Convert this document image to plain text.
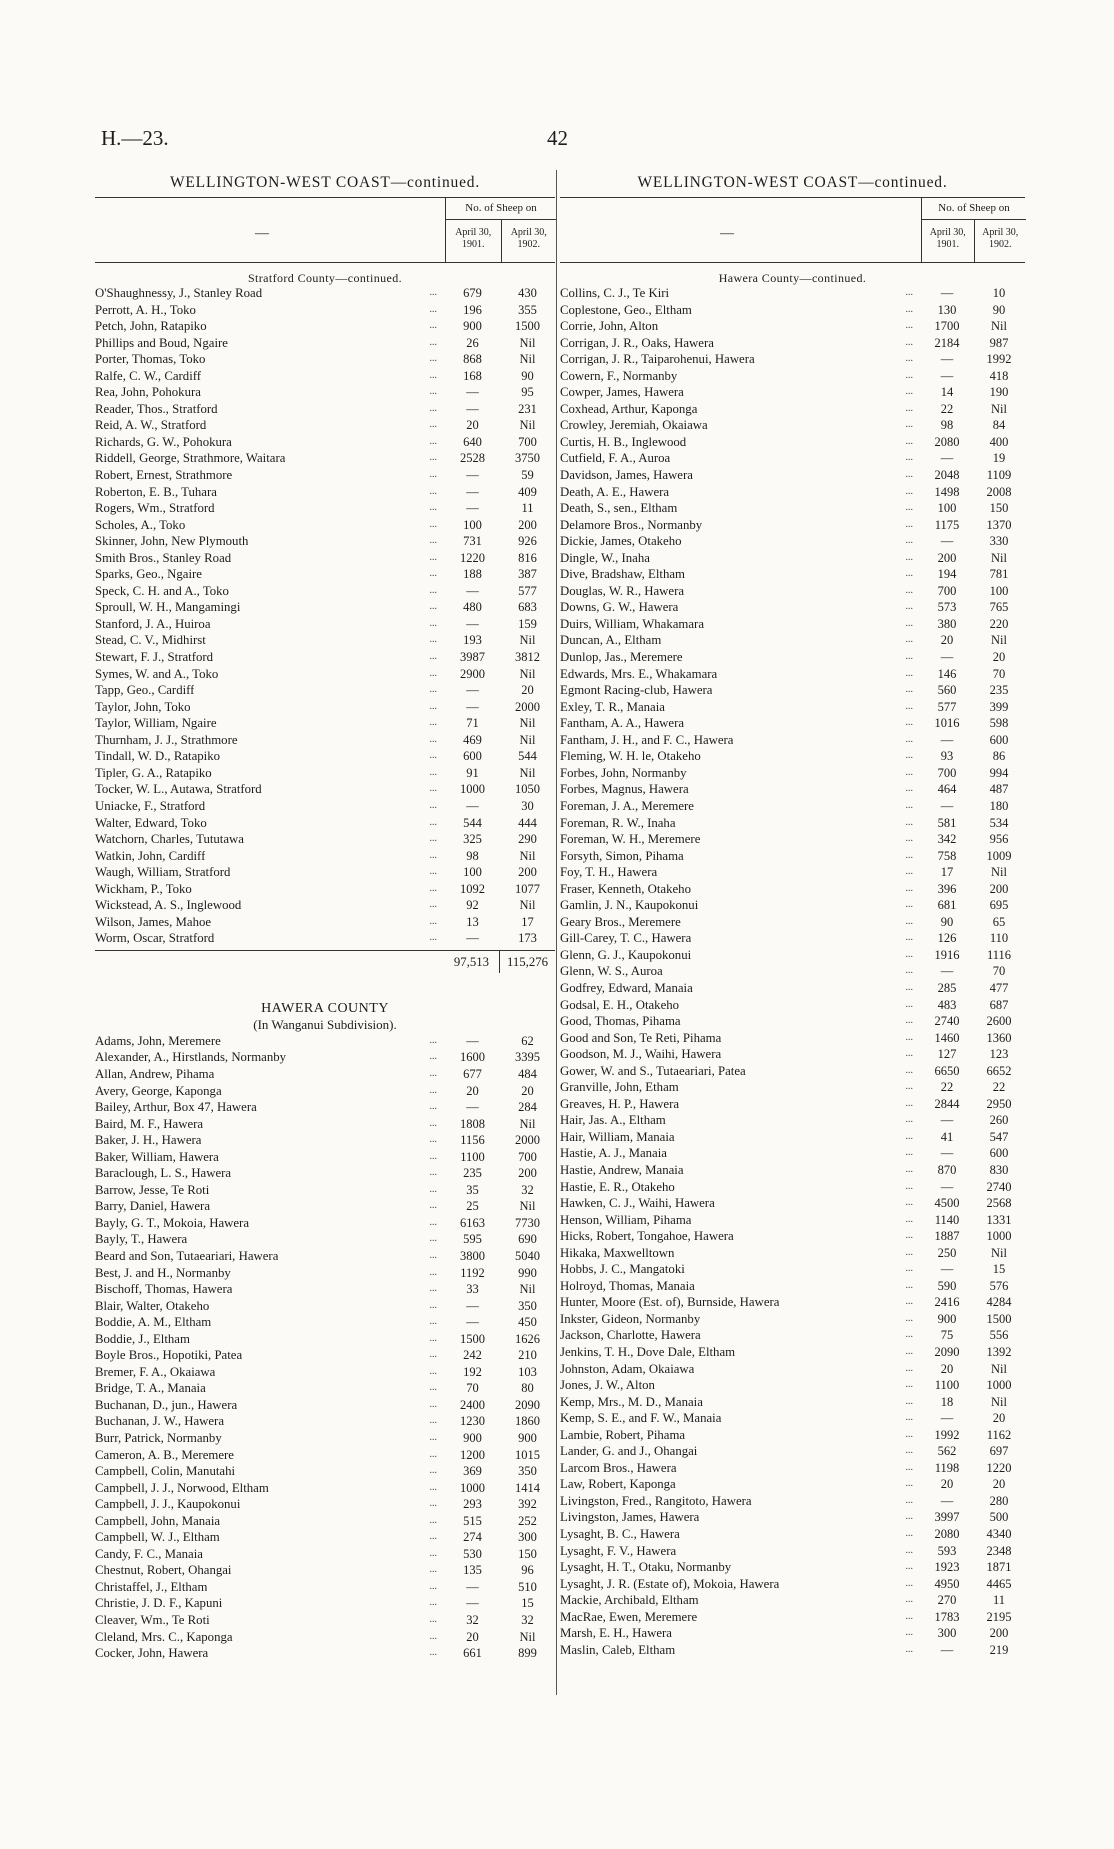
H.—23.	42
WELLINGTON-WEST COAST—continued.
—
No. of Sheep on
April 30, 1901.
April 30, 1902.
Stratford County—continued.
O'Shaughnessy, J., Stanley Road ...	679	430
Perrott, A. H., Toko ...	196	355
Petch, John, Ratapiko ...	900	1500
Phillips and Boud, Ngaire ...	26	Nil
Porter, Thomas, Toko ...	868	Nil
Ralfe, C. W., Cardiff ...	168	90
Rea, John, Pohokura ...	—	95
Reader, Thos., Stratford ...	—	231
Reid, A. W., Stratford ...	20	Nil
Richards, G. W., Pohokura ...	640	700
Riddell, George, Strathmore, Waitara ...	2528	3750
Robert, Ernest, Strathmore ...	—	59
Roberton, E. B., Tuhara ...	—	409
Rogers, Wm., Stratford ...	—	11
Scholes, A., Toko ...	100	200
Skinner, John, New Plymouth ...	731	926
Smith Bros., Stanley Road ...	1220	816
Sparks, Geo., Ngaire ...	188	387
Speck, C. H. and A., Toko ...	—	577
Sproull, W. H., Mangamingi ...	480	683
Stanford, J. A., Huiroa ...	—	159
Stead, C. V., Midhirst ...	193	Nil
Stewart, F. J., Stratford ...	3987	3812
Symes, W. and A., Toko ...	2900	Nil
Tapp, Geo., Cardiff ...	—	20
Taylor, John, Toko ...	—	2000
Taylor, William, Ngaire ...	71	Nil
Thurnham, J. J., Strathmore ...	469	Nil
Tindall, W. D., Ratapiko ...	600	544
Tipler, G. A., Ratapiko ...	91	Nil
Tocker, W. L., Autawa, Stratford ...	1000	1050
Uniacke, F., Stratford ...	—	30
Walter, Edward, Toko ...	544	444
Watchorn, Charles, Tututawa ...	325	290
Watkin, John, Cardiff ...	98	Nil
Waugh, William, Stratford ...	100	200
Wickham, P., Toko ...	1092	1077
Wickstead, A. S., Inglewood ...	92	Nil
Wilson, James, Mahoe ...	13	17
Worm, Oscar, Stratford ...	—	173
97,513	115,276
HAWERA COUNTY
(In Wanganui Subdivision).
Adams, John, Meremere ...	—	62
Alexander, A., Hirstlands, Normanby ...	1600	3395
Allan, Andrew, Pihama ...	677	484
Avery, George, Kaponga ...	20	20
Bailey, Arthur, Box 47, Hawera ...	—	284
Baird, M. F., Hawera ...	1808	Nil
Baker, J. H., Hawera ...	1156	2000
Baker, William, Hawera ...	1100	700
Baraclough, L. S., Hawera ...	235	200
Barrow, Jesse, Te Roti ...	35	32
Barry, Daniel, Hawera ...	25	Nil
Bayly, G. T., Mokoia, Hawera ...	6163	7730
Bayly, T., Hawera ...	595	690
Beard and Son, Tutaeariari, Hawera ...	3800	5040
Best, J. and H., Normanby ...	1192	990
Bischoff, Thomas, Hawera ...	33	Nil
Blair, Walter, Otakeho ...	—	350
Boddie, A. M., Eltham ...	—	450
Boddie, J., Eltham ...	1500	1626
Boyle Bros., Hopotiki, Patea ...	242	210
Bremer, F. A., Okaiawa ...	192	103
Bridge, T. A., Manaia ...	70	80
Buchanan, D., jun., Hawera ...	2400	2090
Buchanan, J. W., Hawera ...	1230	1860
Burr, Patrick, Normanby ...	900	900
Cameron, A. B., Meremere ...	1200	1015
Campbell, Colin, Manutahi ...	369	350
Campbell, J. J., Norwood, Eltham ...	1000	1414
Campbell, J. J., Kaupokonui ...	293	392
Campbell, John, Manaia ...	515	252
Campbell, W. J., Eltham ...	274	300
Candy, F. C., Manaia ...	530	150
Chestnut, Robert, Ohangai ...	135	96
Christaffel, J., Eltham ...	—	510
Christie, J. D. F., Kapuni ...	—	15
Cleaver, Wm., Te Roti ...	32	32
Cleland, Mrs. C., Kaponga ...	20	Nil
Cocker, John, Hawera ...	661	899
WELLINGTON-WEST COAST—continued.
—
No. of Sheep on
April 30, 1901.
April 30, 1902.
Hawera County—continued.
Collins, C. J., Te Kiri ...	—	10
Coplestone, Geo., Eltham ...	130	90
Corrie, John, Alton ...	1700	Nil
Corrigan, J. R., Oaks, Hawera ...	2184	987
Corrigan, J. R., Taiparohenui, Hawera ...	—	1992
Cowern, F., Normanby ...	—	418
Cowper, James, Hawera ...	14	190
Coxhead, Arthur, Kaponga ...	22	Nil
Crowley, Jeremiah, Okaiawa ...	98	84
Curtis, H. B., Inglewood ...	2080	400
Cutfield, F. A., Auroa ...	—	19
Davidson, James, Hawera ...	2048	1109
Death, A. E., Hawera ...	1498	2008
Death, S., sen., Eltham ...	100	150
Delamore Bros., Normanby ...	1175	1370
Dickie, James, Otakeho ...	—	330
Dingle, W., Inaha ...	200	Nil
Dive, Bradshaw, Eltham ...	194	781
Douglas, W. R., Hawera ...	700	100
Downs, G. W., Hawera ...	573	765
Duirs, William, Whakamara ...	380	220
Duncan, A., Eltham ...	20	Nil
Dunlop, Jas., Meremere ...	—	20
Edwards, Mrs. E., Whakamara ...	146	70
Egmont Racing-club, Hawera ...	560	235
Exley, T. R., Manaia ...	577	399
Fantham, A. A., Hawera ...	1016	598
Fantham, J. H., and F. C., Hawera ...	—	600
Fleming, W. H. le, Otakeho ...	93	86
Forbes, John, Normanby ...	700	994
Forbes, Magnus, Hawera ...	464	487
Foreman, J. A., Meremere ...	—	180
Foreman, R. W., Inaha ...	581	534
Foreman, W. H., Meremere ...	342	956
Forsyth, Simon, Pihama ...	758	1009
Foy, T. H., Hawera ...	17	Nil
Fraser, Kenneth, Otakeho ...	396	200
Gamlin, J. N., Kaupokonui ...	681	695
Geary Bros., Meremere ...	90	65
Gill-Carey, T. C., Hawera ...	126	110
Glenn, G. J., Kaupokonui ...	1916	1116
Glenn, W. S., Auroa ...	—	70
Godfrey, Edward, Manaia ...	285	477
Godsal, E. H., Otakeho ...	483	687
Good, Thomas, Pihama ...	2740	2600
Good and Son, Te Reti, Pihama ...	1460	1360
Goodson, M. J., Waihi, Hawera ...	127	123
Gower, W. and S., Tutaeariari, Patea ...	6650	6652
Granville, John, Etham ...	22	22
Greaves, H. P., Hawera ...	2844	2950
Hair, Jas. A., Eltham ...	—	260
Hair, William, Manaia ...	41	547
Hastie, A. J., Manaia ...	—	600
Hastie, Andrew, Manaia ...	870	830
Hastie, E. R., Otakeho ...	—	2740
Hawken, C. J., Waihi, Hawera ...	4500	2568
Henson, William, Pihama ...	1140	1331
Hicks, Robert, Tongahoe, Hawera ...	1887	1000
Hikaka, Maxwelltown ...	250	Nil
Hobbs, J. C., Mangatoki ...	—	15
Holroyd, Thomas, Manaia ...	590	576
Hunter, Moore (Est. of), Burnside, Hawera ...	2416	4284
Inkster, Gideon, Normanby ...	900	1500
Jackson, Charlotte, Hawera ...	75	556
Jenkins, T. H., Dove Dale, Eltham ...	2090	1392
Johnston, Adam, Okaiawa ...	20	Nil
Jones, J. W., Alton ...	1100	1000
Kemp, Mrs., M. D., Manaia ...	18	Nil
Kemp, S. E., and F. W., Manaia ...	—	20
Lambie, Robert, Pihama ...	1992	1162
Lander, G. and J., Ohangai ...	562	697
Larcom Bros., Hawera ...	1198	1220
Law, Robert, Kaponga ...	20	20
Livingston, Fred., Rangitoto, Hawera ...	—	280
Livingston, James, Hawera ...	3997	500
Lysaght, B. C., Hawera ...	2080	4340
Lysaght, F. V., Hawera ...	593	2348
Lysaght, H. T., Otaku, Normanby ...	1923	1871
Lysaght, J. R. (Estate of), Mokoia, Hawera ...	4950	4465
Mackie, Archibald, Eltham ...	270	11
MacRae, Ewen, Meremere ...	1783	2195
Marsh, E. H., Hawera ...	300	200
Maslin, Caleb, Eltham ...	—	219
